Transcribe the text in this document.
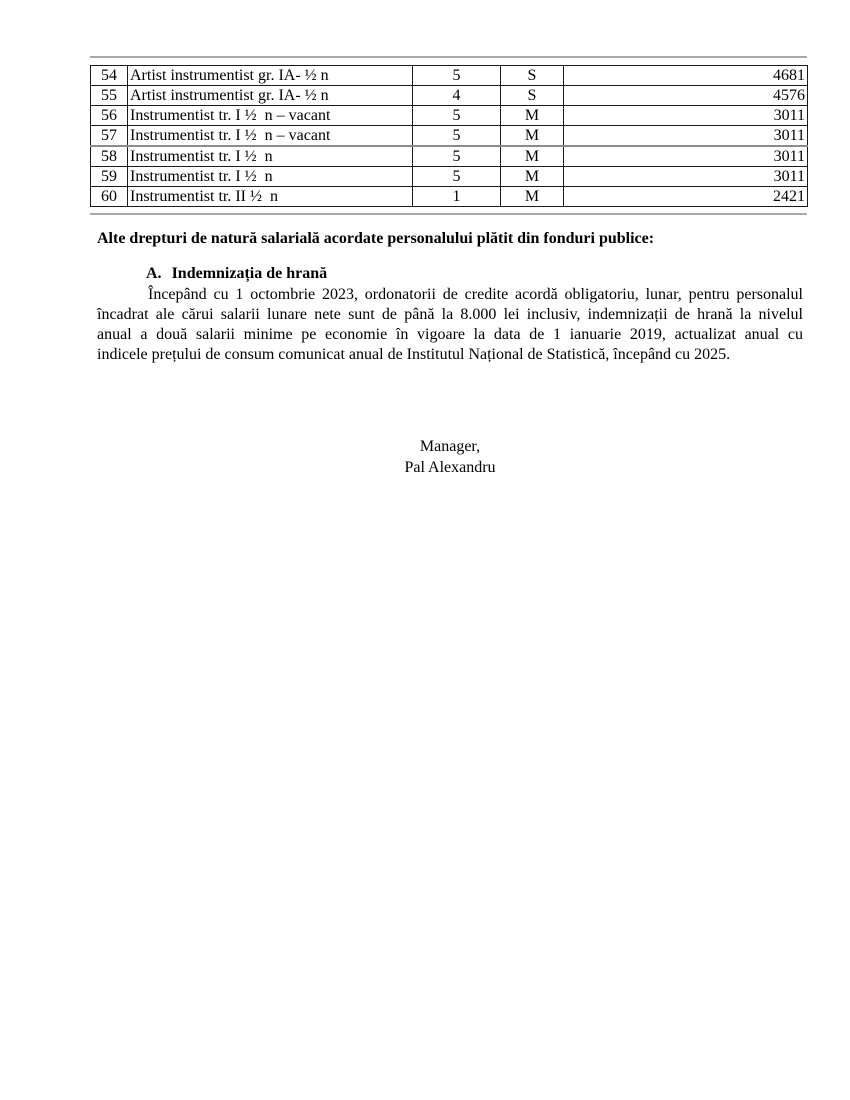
54	Artist instrumentist gr. IA- ½ n	5	S	4681
55	Artist instrumentist gr. IA- ½ n	4	S	4576
56	Instrumentist tr. I ½  n – vacant	5	M	3011
57	Instrumentist tr. I ½  n – vacant	5	M	3011
58	Instrumentist tr. I ½  n	5	M	3011
59	Instrumentist tr. I ½  n	5	M	3011
60	Instrumentist tr. II ½  n	1	M	2421

Alte drepturi de natură salarială acordate personalului plătit din fonduri publice:

A. Indemnizația de hrană

Începând cu 1 octombrie 2023, ordonatorii de credite acordă obligatoriu, lunar, pentru personalul
încadrat ale cărui salarii lunare nete sunt de până la 8.000 lei inclusiv, indemnizații de hrană la nivelul
anual a două salarii minime pe economie în vigoare la data de 1 ianuarie 2019, actualizat anual cu
indicele prețului de consum comunicat anual de Institutul Național de Statistică, începând cu 2025.
Manager,
Pal Alexandru
